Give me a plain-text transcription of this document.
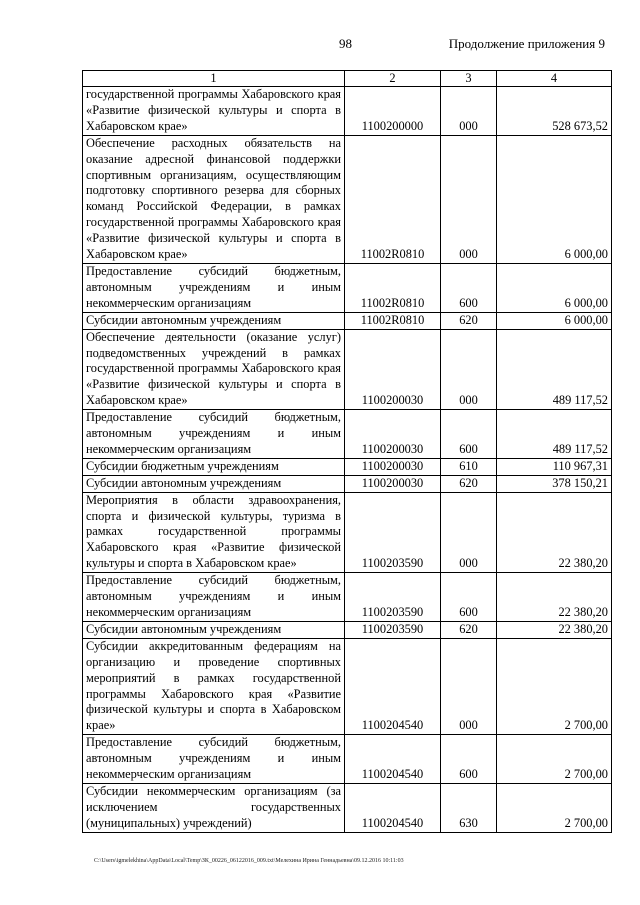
98	Продолжение приложения 9
1	2	3	4
государственной программы Хабаровского края «Развитие физической культуры и спорта в Хабаровском крае»	1100200000	000	528 673,52
Обеспечение расходных обязательств на оказание адресной финансовой поддержки спортивным организациям, осуществляющим подготовку спортивного резерва для сборных команд Российской Федерации, в рамках государственной программы Хабаровского края «Развитие физической культуры и спорта в Хабаровском крае»	11002R0810	000	6 000,00
Предоставление субсидий бюджетным, автономным учреждениям и иным некоммерческим организациям	11002R0810	600	6 000,00
Субсидии автономным учреждениям	11002R0810	620	6 000,00
Обеспечение деятельности (оказание услуг) подведомственных учреждений в рамках государственной программы Хабаровского края «Развитие физической культуры и спорта в Хабаровском крае»	1100200030	000	489 117,52
Предоставление субсидий бюджетным, автономным учреждениям и иным некоммерческим организациям	1100200030	600	489 117,52
Субсидии бюджетным учреждениям	1100200030	610	110 967,31
Субсидии автономным учреждениям	1100200030	620	378 150,21
Мероприятия в области здравоохранения, спорта и физической культуры, туризма в рамках государственной программы Хабаровского края «Развитие физической культуры и спорта в Хабаровском крае»	1100203590	000	22 380,20
Предоставление субсидий бюджетным, автономным учреждениям и иным некоммерческим организациям	1100203590	600	22 380,20
Субсидии автономным учреждениям	1100203590	620	22 380,20
Субсидии аккредитованным федерациям на организацию и проведение спортивных мероприятий в рамках государственной программы Хабаровского края «Развитие физической культуры и спорта в Хабаровском крае»	1100204540	000	2 700,00
Предоставление субсидий бюджетным, автономным учреждениям и иным некоммерческим организациям	1100204540	600	2 700,00
Субсидии некоммерческим организациям (за исключением государственных (муниципальных) учреждений)	1100204540	630	2 700,00
C:\Users\igmelekhina\AppData\Local\Temp\ЗК_00226_06122016_009.txt\Мелехина Ирина Геннадьевна\09.12.2016 10:11:03
